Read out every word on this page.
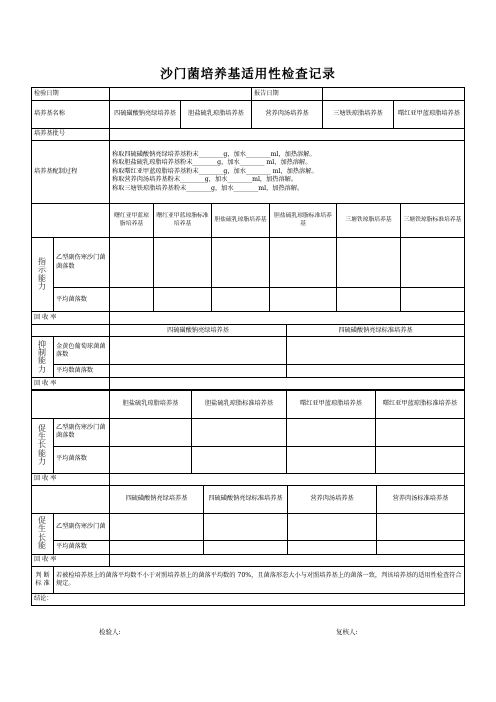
沙门菌培养基适用性检查记录
检验日期			报告日期		
培养基名称	四硫磺酸钠亮绿培养基	胆盐硫乳琼脂培养基	营养肉汤培养基	三塘铁琼脂培养基	曙红亚甲蓝琼脂培养基
培养基批号					
培养基配制过程	称取四硫磺酸钠亮绿培养基粉末________g，加水________ml，加热溶解。
称取胆盐硫乳琼脂培养基粉末________g，加水________ ml，加热溶解。
称取曙红亚甲蓝琼脂培养基粉末________g，加水________ ml，加热溶解。
称取营养肉汤培养基粉末________g，加水________ml，加热溶解。
称取三塘铁琼脂培养基粉末________g，加水________ml，加热溶解。				
		曙红亚甲蓝琼脂培养基	曙红亚甲蓝琼脂标准培养基	胆盐硫乳琼脂培养基	胆盐硫乳琼脂标准培养基	三塘铁琼脂培养基	三塘铁琼脂标准培养基
指示能力	乙型副伤寒沙门菌菌落数						
	平均菌落数						
回 收 率							
		四硫磺酸钠亮绿培养基	四硫磺酸钠亮绿标准培养基
抑制能力	金黄色葡萄球菌菌落数		
	平均数菌落数		
回 收 率			
		胆盐硫乳琼脂培养基	胆盐硫乳琼脂标准培养基	曙红亚甲蓝琼脂培养基	曙红亚甲蓝琼脂标准培养基
促生长能力	乙型副伤寒沙门菌菌落数				
	平均菌落数				
回 收 率					
		四硫磺酸钠亮绿培养基	四硫磺酸钠亮绿标准培养基	营养肉汤培养基	营养肉汤标准培养基
促生长能	乙型副伤寒沙门菌				
	平均菌落数				
回 收 率					
判 断标 准	若被检培养基上的菌落平均数不小于对照培养基上的菌落平均数的 70%，且菌落形态大小与对照培养基上的菌落一致，判该培养基的适用性检查符合规定。
结论：
检验人:	复核人:
